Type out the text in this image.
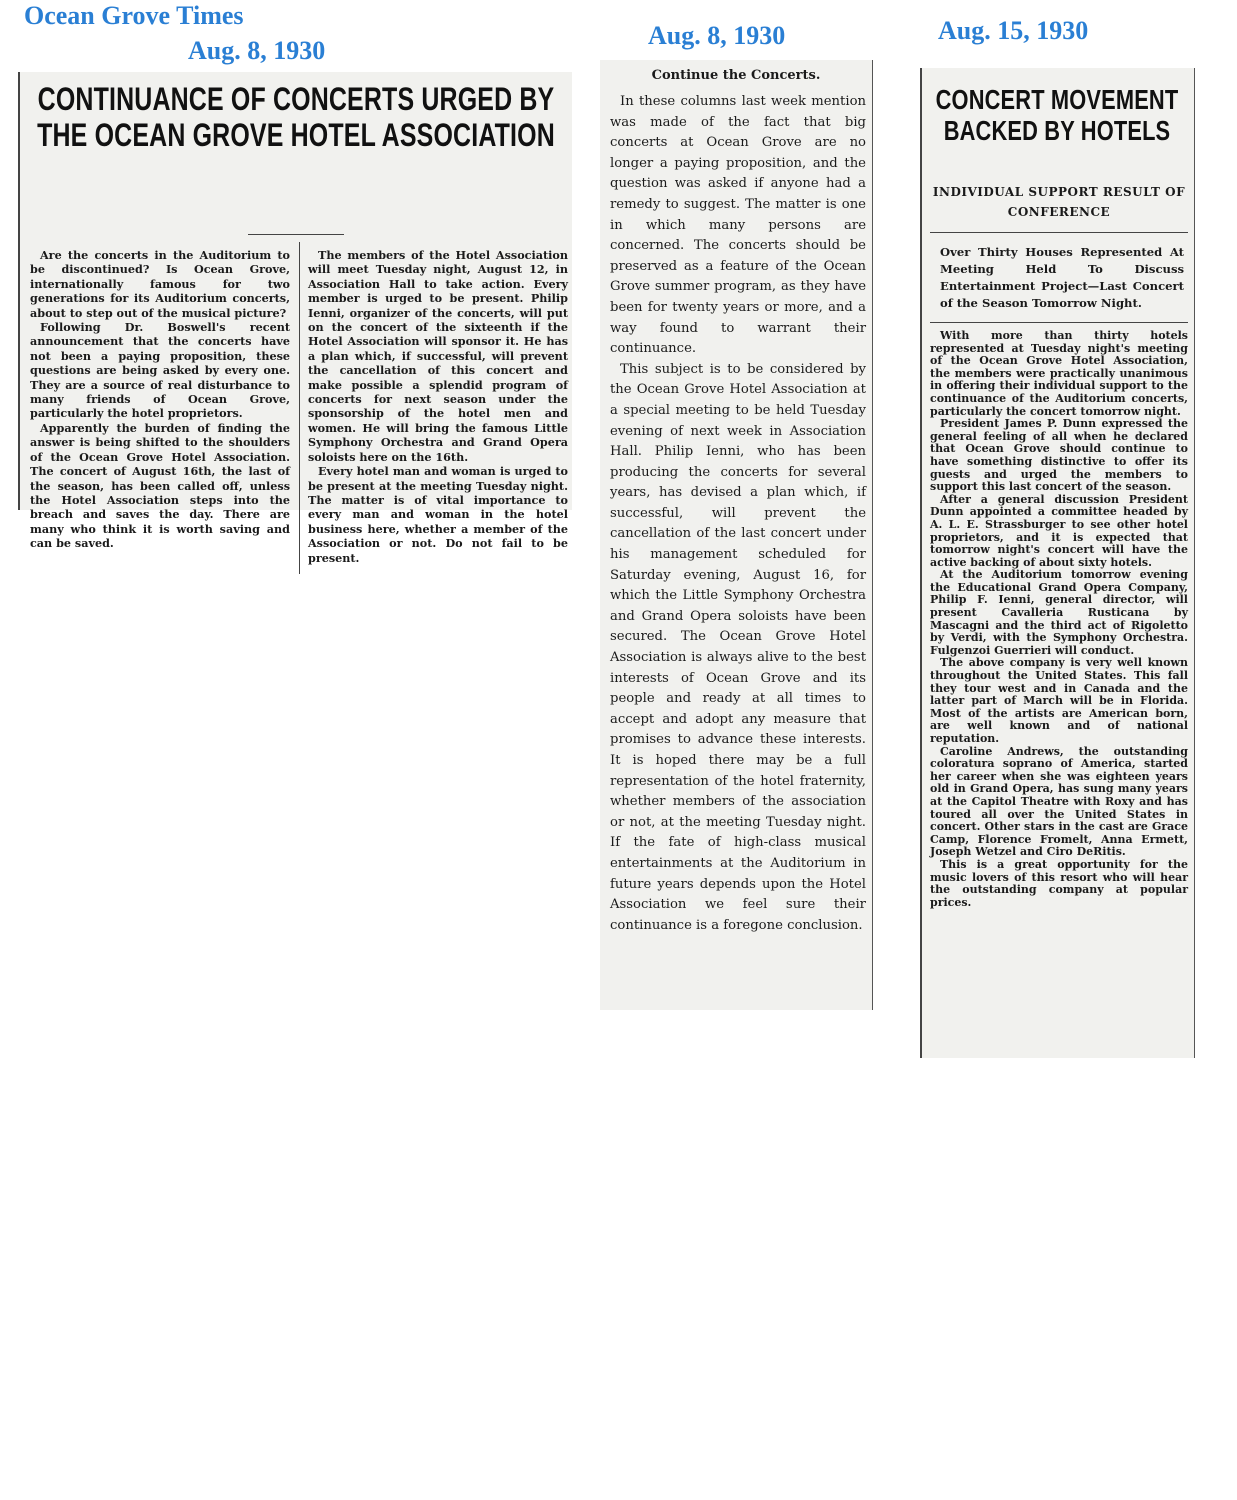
Ocean Grove Times
Aug. 8, 1930
Aug. 8, 1930	Aug. 15, 1930
CONTINUANCE OF CONCERTS URGED BY
THE OCEAN GROVE HOTEL ASSOCIATION

Are the concerts in the Auditorium to be discontinued? Is Ocean Grove, internationally famous for two generations for its Auditorium concerts, about to step out of the musical picture?

Following Dr. Boswell's recent announcement that the concerts have not been a paying proposition, these questions are being asked by every one. They are a source of real disturbance to many friends of Ocean Grove, particularly the hotel proprietors.

Apparently the burden of finding the answer is being shifted to the shoulders of the Ocean Grove Hotel Association. The concert of August 16th, the last of the season, has been called off, unless the Hotel Association steps into the breach and saves the day. There are many who think it is worth saving and can be saved.

The members of the Hotel Association will meet Tuesday night, August 12, in Association Hall to take action. Every member is urged to be present. Philip Ienni, organizer of the concerts, will put on the concert of the sixteenth if the Hotel Association will sponsor it. He has a plan which, if successful, will prevent the cancellation of this concert and make possible a splendid program of concerts for next season under the sponsorship of the hotel men and women. He will bring the famous Little Symphony Orchestra and Grand Opera soloists here on the 16th.

Every hotel man and woman is urged to be present at the meeting Tuesday night. The matter is of vital importance to every man and woman in the hotel business here, whether a member of the Association or not. Do not fail to be present.

Continue the Concerts.

In these columns last week mention was made of the fact that big concerts at Ocean Grove are no longer a paying proposition, and the question was asked if anyone had a remedy to suggest. The matter is one in which many persons are concerned. The concerts should be preserved as a feature of the Ocean Grove summer program, as they have been for twenty years or more, and a way found to warrant their continuance.

This subject is to be considered by the Ocean Grove Hotel Association at a special meeting to be held Tuesday evening of next week in Association Hall. Philip Ienni, who has been producing the concerts for several years, has devised a plan which, if successful, will prevent the cancellation of the last concert under his management scheduled for Saturday evening, August 16, for which the Little Symphony Orchestra and Grand Opera soloists have been secured. The Ocean Grove Hotel Association is always alive to the best interests of Ocean Grove and its people and ready at all times to accept and adopt any measure that promises to advance these interests. It is hoped there may be a full representation of the hotel fraternity, whether members of the association or not, at the meeting Tuesday night. If the fate of high-class musical entertainments at the Auditorium in future years depends upon the Hotel Association we feel sure their continuance is a foregone conclusion.

CONCERT MOVEMENT
BACKED BY HOTELS
INDIVIDUAL SUPPORT RESULT OF CONFERENCE
Over Thirty Houses Represented At Meeting Held To Discuss Entertainment Project—Last Concert of the Season Tomorrow Night.

With more than thirty hotels represented at Tuesday night's meeting of the Ocean Grove Hotel Association, the members were practically unanimous in offering their individual support to the continuance of the Auditorium concerts, particularly the concert tomorrow night.

President James P. Dunn expressed the general feeling of all when he declared that Ocean Grove should continue to have something distinctive to offer its guests and urged the members to support this last concert of the season.

After a general discussion President Dunn appointed a committee headed by A. L. E. Strassburger to see other hotel proprietors, and it is expected that tomorrow night's concert will have the active backing of about sixty hotels.

At the Auditorium tomorrow evening the Educational Grand Opera Company, Philip F. Ienni, general director, will present Cavalleria Rusticana by Mascagni and the third act of Rigoletto by Verdi, with the Symphony Orchestra. Fulgenzoi Guerrieri will conduct.

The above company is very well known throughout the United States. This fall they tour west and in Canada and the latter part of March will be in Florida. Most of the artists are American born, are well known and of national reputation.

Caroline Andrews, the outstanding coloratura soprano of America, started her career when she was eighteen years old in Grand Opera, has sung many years at the Capitol Theatre with Roxy and has toured all over the United States in concert. Other stars in the cast are Grace Camp, Florence Fromelt, Anna Ermett, Joseph Wetzel and Ciro DeRitis.

This is a great opportunity for the music lovers of this resort who will hear the outstanding company at popular prices.
